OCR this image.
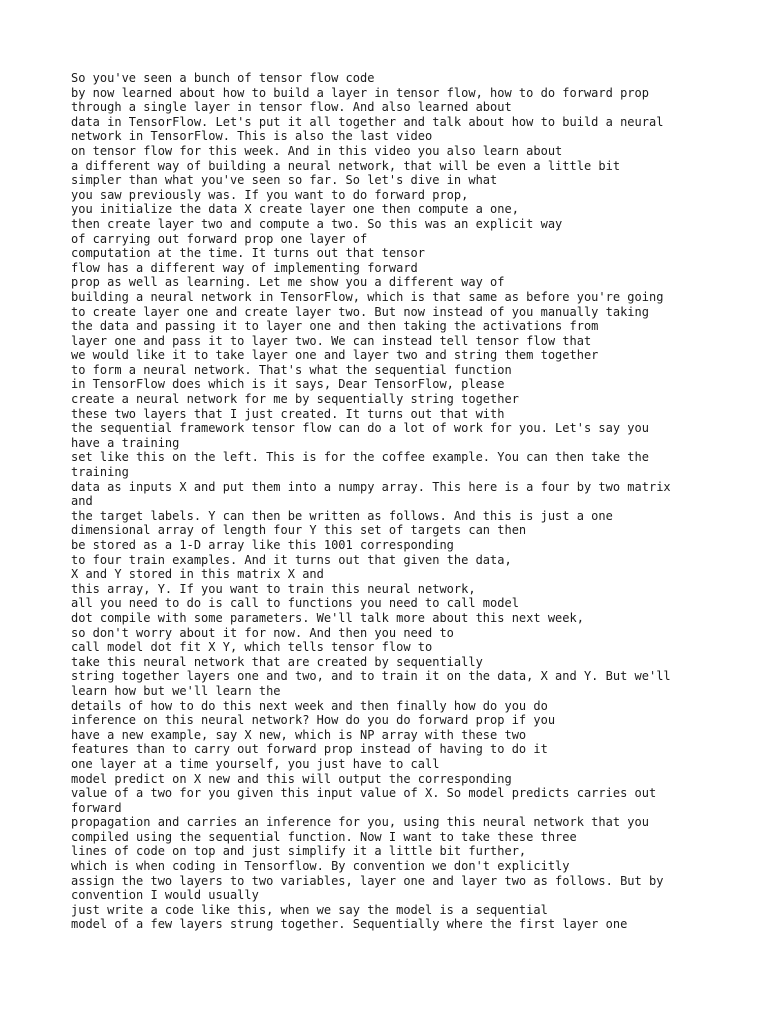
So you've seen a bunch of tensor flow code
by now learned about how to build a layer in tensor flow, how to do forward prop
through a single layer in tensor flow. And also learned about
data in TensorFlow. Let's put it all together and talk about how to build a neural
network in TensorFlow. This is also the last video
on tensor flow for this week. And in this video you also learn about
a different way of building a neural network, that will be even a little bit
simpler than what you've seen so far. So let's dive in what
you saw previously was. If you want to do forward prop,
you initialize the data X create layer one then compute a one,
then create layer two and compute a two. So this was an explicit way
of carrying out forward prop one layer of
computation at the time. It turns out that tensor
flow has a different way of implementing forward
prop as well as learning. Let me show you a different way of
building a neural network in TensorFlow, which is that same as before you're going
to create layer one and create layer two. But now instead of you manually taking
the data and passing it to layer one and then taking the activations from
layer one and pass it to layer two. We can instead tell tensor flow that
we would like it to take layer one and layer two and string them together
to form a neural network. That's what the sequential function
in TensorFlow does which is it says, Dear TensorFlow, please
create a neural network for me by sequentially string together
these two layers that I just created. It turns out that with
the sequential framework tensor flow can do a lot of work for you. Let's say you
have a training
set like this on the left. This is for the coffee example. You can then take the
training
data as inputs X and put them into a numpy array. This here is a four by two matrix
and
the target labels. Y can then be written as follows. And this is just a one
dimensional array of length four Y this set of targets can then
be stored as a 1-D array like this 1001 corresponding
to four train examples. And it turns out that given the data,
X and Y stored in this matrix X and
this array, Y. If you want to train this neural network,
all you need to do is call to functions you need to call model
dot compile with some parameters. We'll talk more about this next week,
so don't worry about it for now. And then you need to
call model dot fit X Y, which tells tensor flow to
take this neural network that are created by sequentially
string together layers one and two, and to train it on the data, X and Y. But we'll
learn how but we'll learn the
details of how to do this next week and then finally how do you do
inference on this neural network? How do you do forward prop if you
have a new example, say X new, which is NP array with these two
features than to carry out forward prop instead of having to do it
one layer at a time yourself, you just have to call
model predict on X new and this will output the corresponding
value of a two for you given this input value of X. So model predicts carries out
forward
propagation and carries an inference for you, using this neural network that you
compiled using the sequential function. Now I want to take these three
lines of code on top and just simplify it a little bit further,
which is when coding in Tensorflow. By convention we don't explicitly
assign the two layers to two variables, layer one and layer two as follows. But by
convention I would usually
just write a code like this, when we say the model is a sequential
model of a few layers strung together. Sequentially where the first layer one
